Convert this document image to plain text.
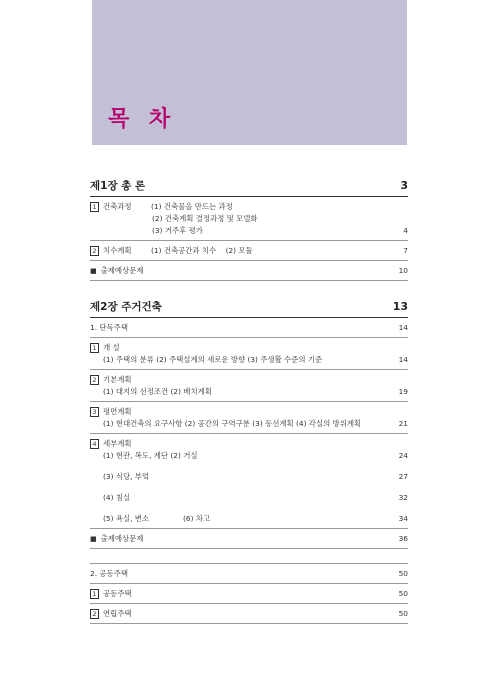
목 차
제1장 총 론	3
1 건축과정	(1) 건축물을 만드는 과정
(2) 건축계획 결정과정 및 모델화
(3) 거주후 평가	4
2 치수계획	(1) 건축공간과 치수 (2) 모듈	7
■ 출제예상문제	10
제2장 주거건축	13
1. 단독주택	14
1 개 설
(1) 주택의 분류 (2) 주택설계의 새로운 방향 (3) 주생활 수준의 기준	14
2 기본계획
(1) 대지의 선정조건 (2) 배치계획	19
3 평면계획
(1) 현대건축의 요구사항 (2) 공간의 구역구분 (3) 동선계획 (4) 각실의 방위계획	21
4 세부계획
(1) 현관, 복도, 계단 (2) 거실	24
(3) 식당, 부엌	27
(4) 침실	32
(5) 욕실, 변소	(6) 차고	34
■ 출제예상문제	36
2. 공동주택	50
1 공동주택	50
2 연립주택	50
